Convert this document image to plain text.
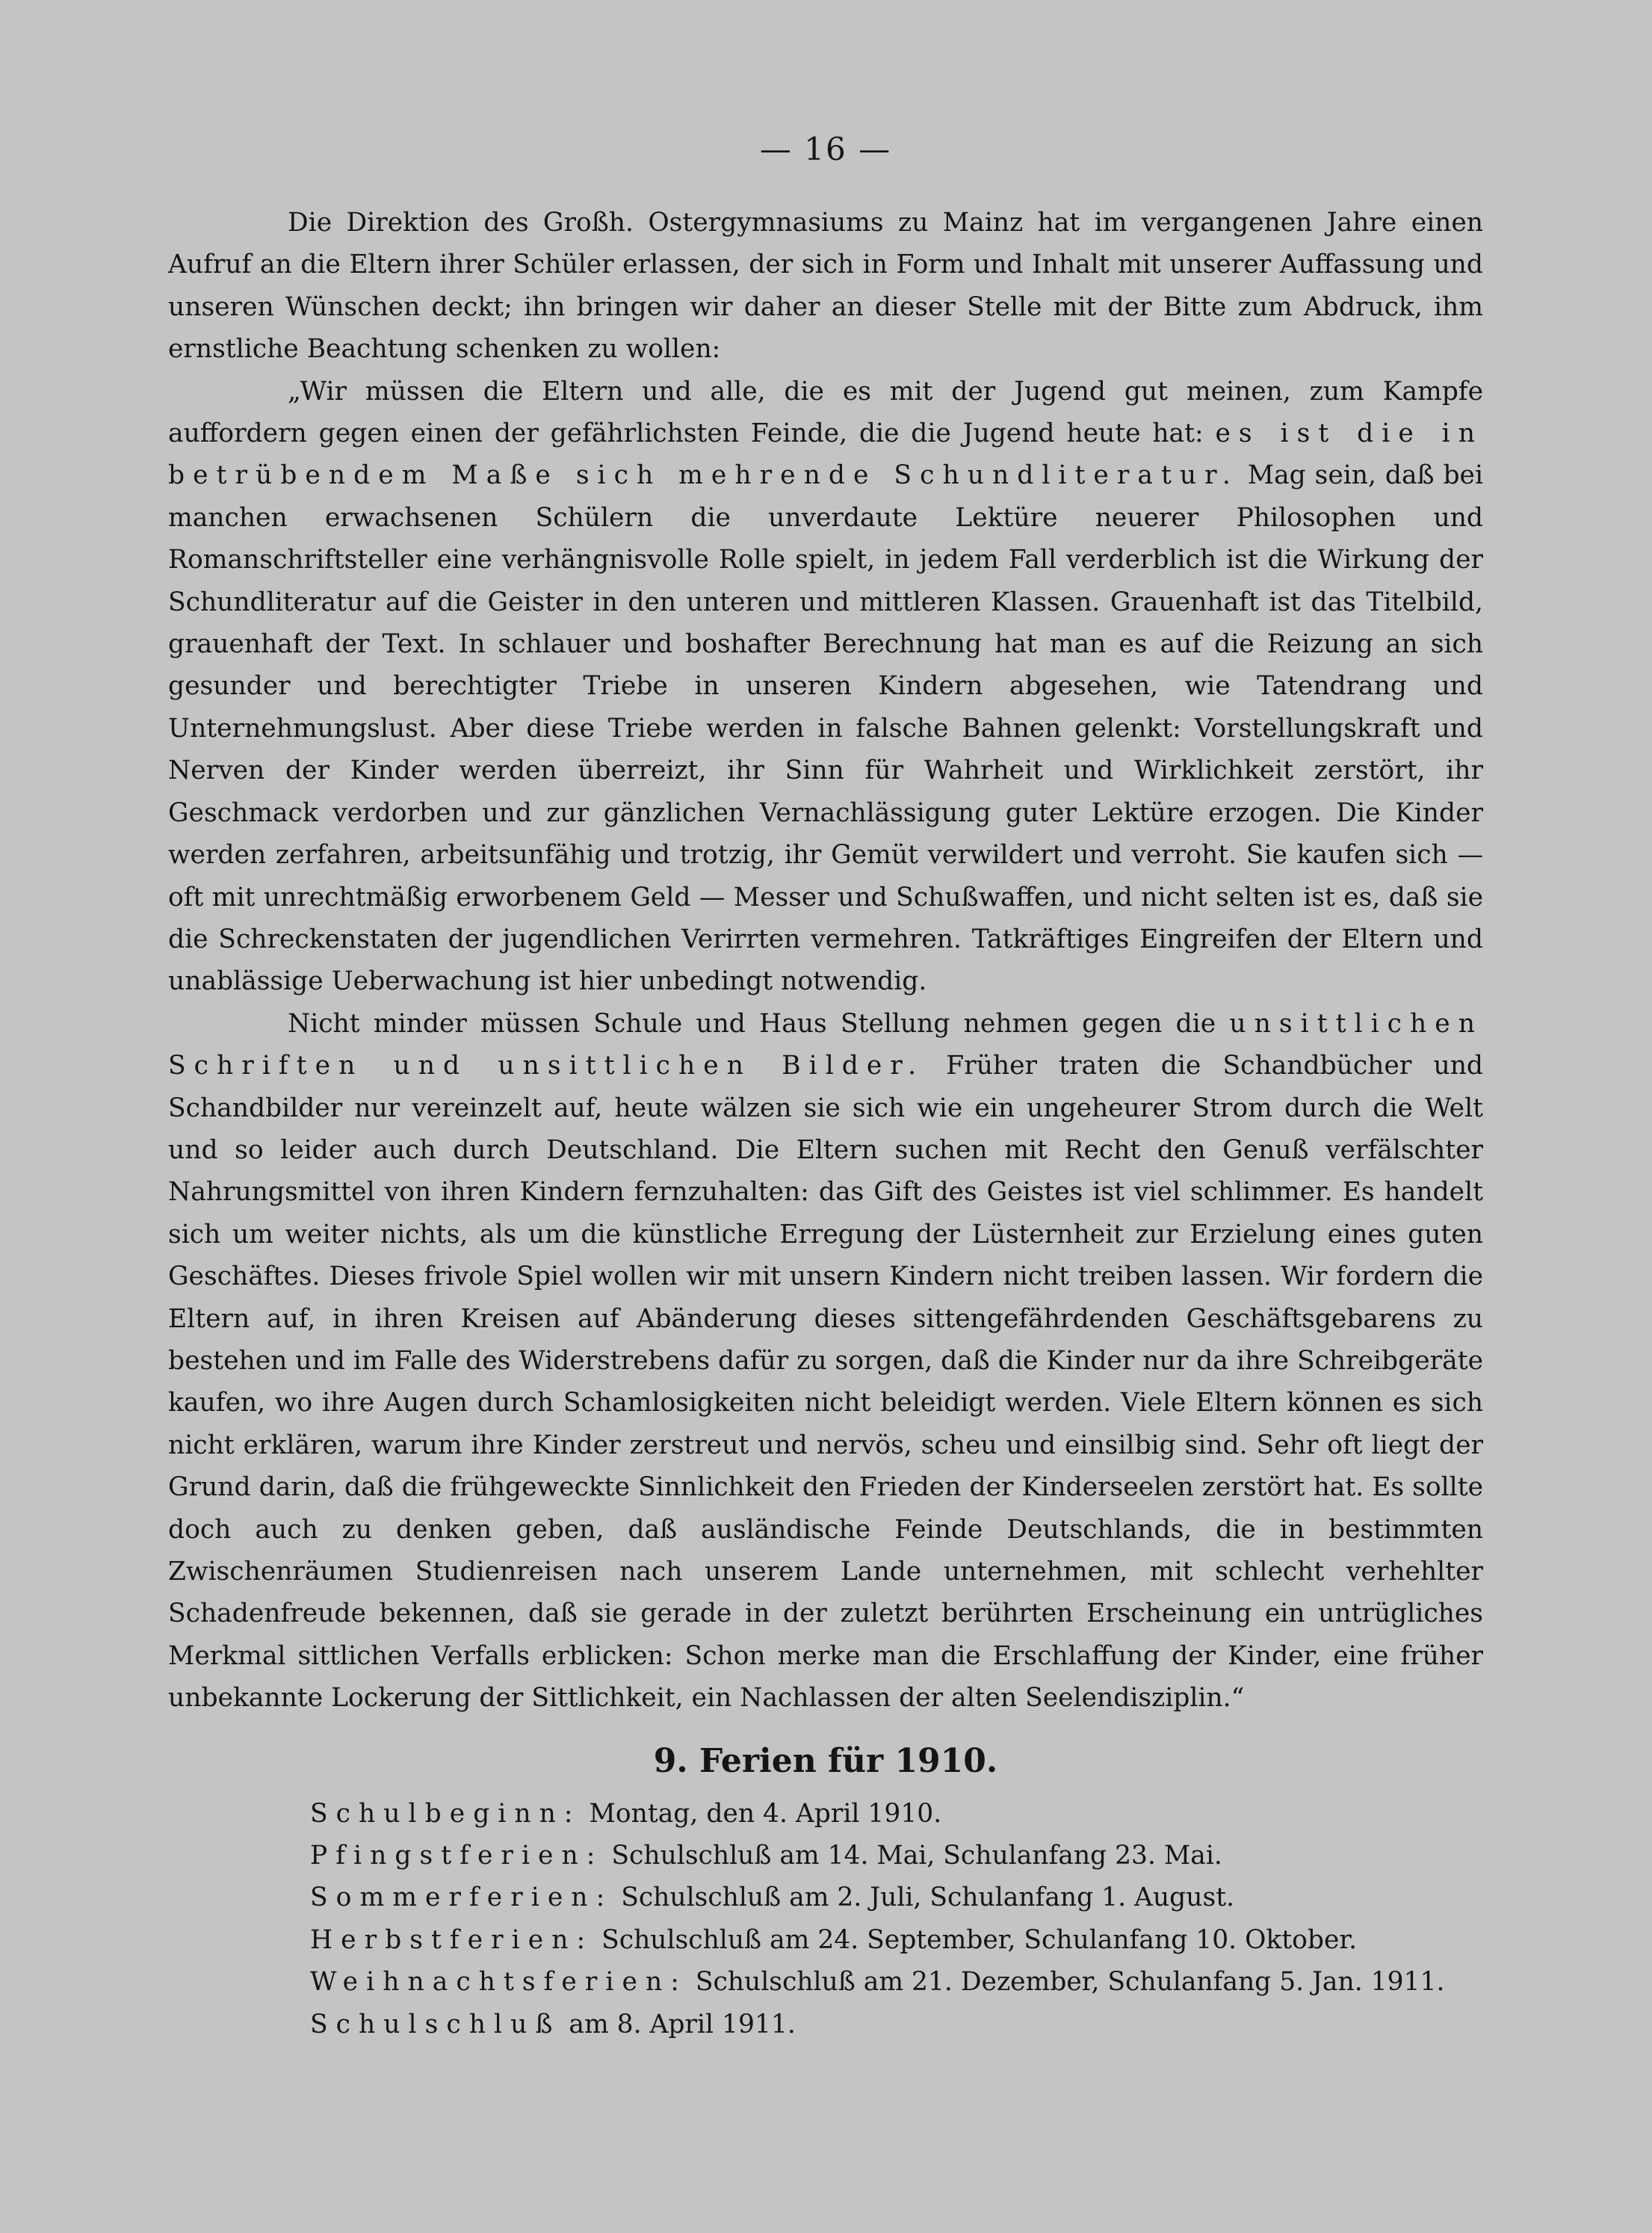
— 16 —

Die Direktion des Großh. Ostergymnasiums zu Mainz hat im vergangenen Jahre einen Aufruf an die Eltern ihrer Schüler erlassen, der sich in Form und Inhalt mit unserer Auffassung und unseren Wünschen deckt; ihn bringen wir daher an dieser Stelle mit der Bitte zum Abdruck, ihm ernstliche Beachtung schenken zu wollen:

„Wir müssen die Eltern und alle, die es mit der Jugend gut meinen, zum Kampfe auffordern gegen einen der gefährlichsten Feinde, die die Jugend heute hat: es ist die in betrübendem Maße sich mehrende Schundliteratur. Mag sein, daß bei manchen erwachsenen Schülern die unverdaute Lektüre neuerer Philosophen und Romanschriftsteller eine verhängnisvolle Rolle spielt, in jedem Fall verderblich ist die Wirkung der Schundliteratur auf die Geister in den unteren und mittleren Klassen. Grauenhaft ist das Titelbild, grauenhaft der Text. In schlauer und boshafter Berechnung hat man es auf die Reizung an sich gesunder und berechtigter Triebe in unseren Kindern abgesehen, wie Tatendrang und Unternehmungslust. Aber diese Triebe werden in falsche Bahnen gelenkt: Vorstellungskraft und Nerven der Kinder werden überreizt, ihr Sinn für Wahrheit und Wirklichkeit zerstört, ihr Geschmack verdorben und zur gänzlichen Vernachlässigung guter Lektüre erzogen. Die Kinder werden zerfahren, arbeitsunfähig und trotzig, ihr Gemüt verwildert und verroht. Sie kaufen sich — oft mit unrechtmäßig erworbenem Geld — Messer und Schußwaffen, und nicht selten ist es, daß sie die Schreckenstaten der jugendlichen Verirrten vermehren. Tatkräftiges Eingreifen der Eltern und unablässige Ueberwachung ist hier unbedingt notwendig.

Nicht minder müssen Schule und Haus Stellung nehmen gegen die unsittlichen Schriften und unsittlichen Bilder. Früher traten die Schandbücher und Schandbilder nur vereinzelt auf, heute wälzen sie sich wie ein ungeheurer Strom durch die Welt und so leider auch durch Deutschland. Die Eltern suchen mit Recht den Genuß verfälschter Nahrungsmittel von ihren Kindern fernzuhalten: das Gift des Geistes ist viel schlimmer. Es handelt sich um weiter nichts, als um die künstliche Erregung der Lüsternheit zur Erzielung eines guten Geschäftes. Dieses frivole Spiel wollen wir mit unsern Kindern nicht treiben lassen. Wir fordern die Eltern auf, in ihren Kreisen auf Abänderung dieses sittengefährdenden Geschäftsgebarens zu bestehen und im Falle des Widerstrebens dafür zu sorgen, daß die Kinder nur da ihre Schreibgeräte kaufen, wo ihre Augen durch Schamlosigkeiten nicht beleidigt werden. Viele Eltern können es sich nicht erklären, warum ihre Kinder zerstreut und nervös, scheu und einsilbig sind. Sehr oft liegt der Grund darin, daß die frühgeweckte Sinnlichkeit den Frieden der Kinderseelen zerstört hat. Es sollte doch auch zu denken geben, daß ausländische Feinde Deutschlands, die in bestimmten Zwischenräumen Studienreisen nach unserem Lande unternehmen, mit schlecht verhehlter Schadenfreude bekennen, daß sie gerade in der zuletzt berührten Erscheinung ein untrügliches Merkmal sittlichen Verfalls erblicken: Schon merke man die Erschlaffung der Kinder, eine früher unbekannte Lockerung der Sittlichkeit, ein Nachlassen der alten Seelendisziplin.“

9. Ferien für 1910.

Schulbeginn: Montag, den 4. April 1910.

Pfingstferien: Schulschluß am 14. Mai, Schulanfang 23. Mai.

Sommerferien: Schulschluß am 2. Juli, Schulanfang 1. August.

Herbstferien: Schulschluß am 24. September, Schulanfang 10. Oktober.

Weihnachtsferien: Schulschluß am 21. Dezember, Schulanfang 5. Jan. 1911.

Schulschluß am 8. April 1911.
